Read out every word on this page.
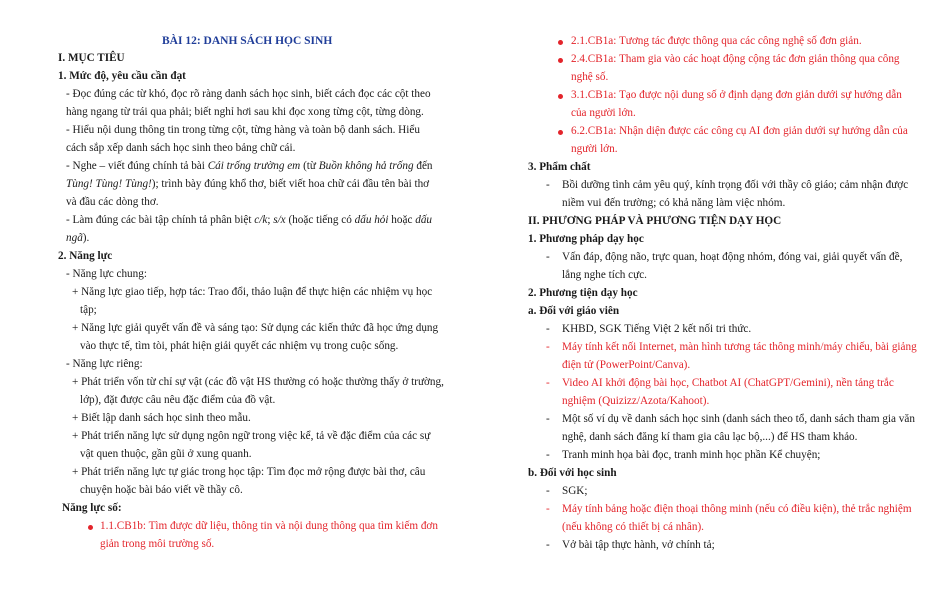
BÀI 12: DANH SÁCH HỌC SINH
I. MỤC TIÊU
1. Mức độ, yêu cầu cần đạt
- Đọc đúng các từ khó, đọc rõ ràng danh sách học sinh, biết cách đọc các cột theo
hàng ngang từ trái qua phải; biết nghỉ hơi sau khi đọc xong từng cột, từng dòng.
- Hiểu nội dung thông tin trong từng cột, từng hàng và toàn bộ danh sách. Hiểu
cách sắp xếp danh sách học sinh theo bảng chữ cái.
- Nghe – viết đúng chính tả bài Cái trống trường em (từ Buồn không hả trống đến
Tùng! Tùng! Tùng!); trình bày đúng khổ thơ, biết viết hoa chữ cái đầu tên bài thơ
và đầu các dòng thơ.
- Làm đúng các bài tập chính tả phân biệt c/k; s/x (hoặc tiếng có dấu hỏi hoặc dấu
ngã).
2. Năng lực
- Năng lực chung:
+ Năng lực giao tiếp, hợp tác: Trao đổi, thảo luận để thực hiện các nhiệm vụ học
tập;
+ Năng lực giải quyết vấn đề và sáng tạo: Sử dụng các kiến thức đã học ứng dụng
vào thực tế, tìm tòi, phát hiện giải quyết các nhiệm vụ trong cuộc sống.
- Năng lực riêng:
+ Phát triển vốn từ chỉ sự vật (các đồ vật HS thường có hoặc thường thấy ở trường,
lớp), đặt được câu nêu đặc điểm của đồ vật.
+ Biết lập danh sách học sinh theo mẫu.
+ Phát triển năng lực sử dụng ngôn ngữ trong việc kể, tả về đặc điểm của các sự
vật quen thuộc, gần gũi ở xung quanh.
+ Phát triển năng lực tự giác trong học tập: Tìm đọc mở rộng được bài thơ, câu
chuyện hoặc bài báo viết về thầy cô.
Năng lực số:
1.1.CB1b: Tìm được dữ liệu, thông tin và nội dung thông qua tìm kiếm đơn
giản trong môi trường số.
2.1.CB1a: Tương tác được thông qua các công nghệ số đơn giản.
2.4.CB1a: Tham gia vào các hoạt động cộng tác đơn giản thông qua công
nghệ số.
3.1.CB1a: Tạo được nội dung số ở định dạng đơn giản dưới sự hướng dẫn
của người lớn.
6.2.CB1a: Nhận diện được các công cụ AI đơn giản dưới sự hướng dẫn của
người lớn.
3. Phẩm chất
- Bồi dưỡng tình cảm yêu quý, kính trọng đối với thầy cô giáo; cảm nhận được
niềm vui đến trường; có khả năng làm việc nhóm.
II. PHƯƠNG PHÁP VÀ PHƯƠNG TIỆN DẠY HỌC
1. Phương pháp dạy học
- Vấn đáp, động não, trực quan, hoạt động nhóm, đóng vai, giải quyết vấn đề,
lắng nghe tích cực.
2. Phương tiện dạy học
a. Đối với giáo viên
- KHBD, SGK Tiếng Việt 2 kết nối tri thức.
- Máy tính kết nối Internet, màn hình tương tác thông minh/máy chiếu, bài giảng
điện tử (PowerPoint/Canva).
- Video AI khởi động bài học, Chatbot AI (ChatGPT/Gemini), nền tảng trắc
nghiệm (Quizizz/Azota/Kahoot).
- Một số ví dụ về danh sách học sinh (danh sách theo tổ, danh sách tham gia văn
nghệ, danh sách đăng kí tham gia câu lạc bộ,...) để HS tham khảo.
- Tranh minh họa bài đọc, tranh minh học phần Kể chuyện;
b. Đối với học sinh
- SGK;
- Máy tính bảng hoặc điện thoại thông minh (nếu có điều kiện), thẻ trắc nghiệm
(nếu không có thiết bị cá nhân).
- Vở bài tập thực hành, vở chính tả;
